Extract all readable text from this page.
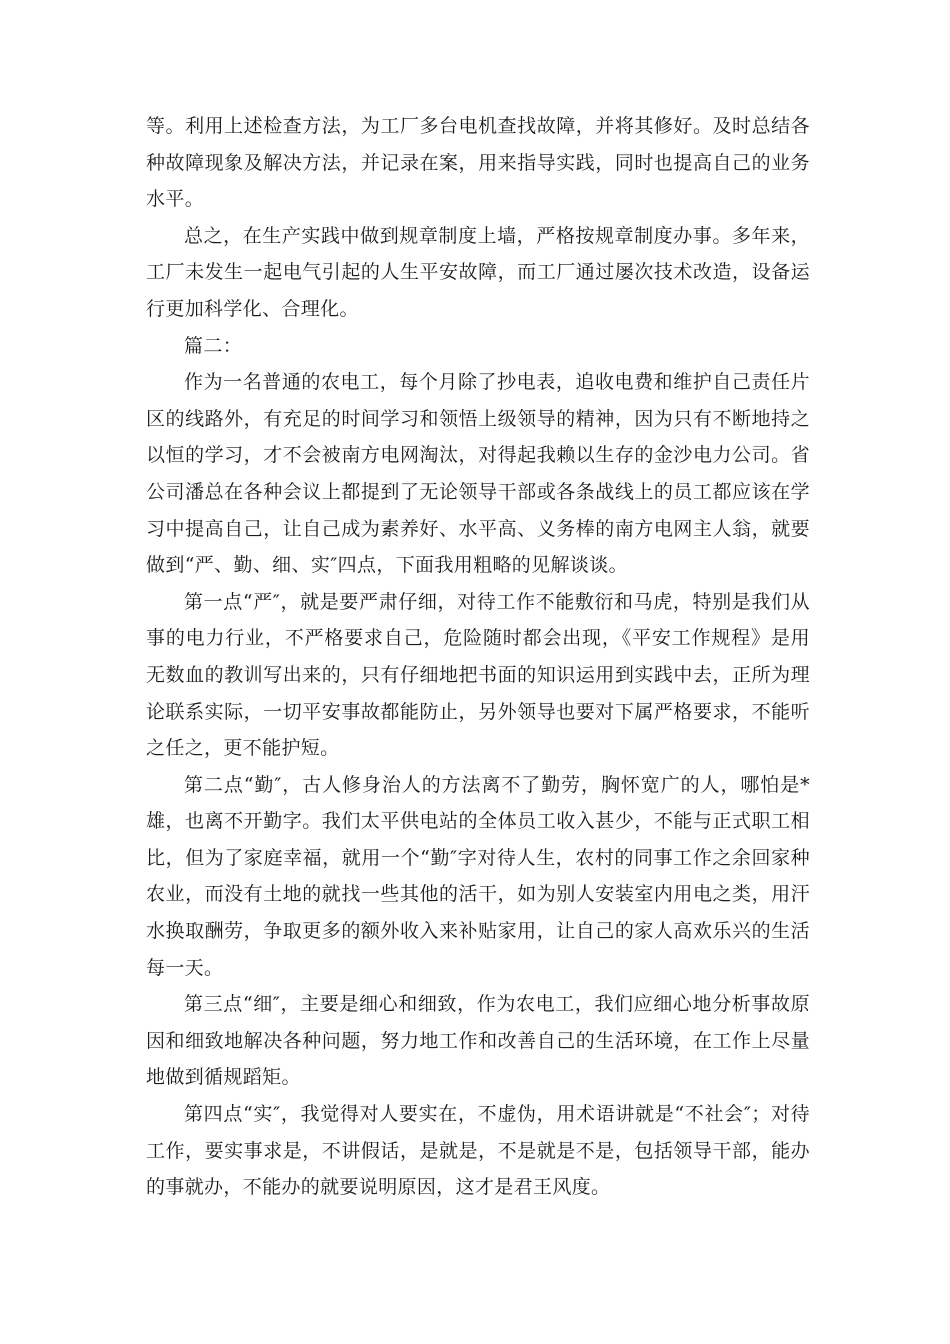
等。利用上述检查方法，为工厂多台电机查找故障，并将其修好。及时总结各种故障现象及解决方法，并记录在案，用来指导实践，同时也提高自己的业务水平。

总之，在生产实践中做到规章制度上墙，严格按规章制度办事。多年来，工厂未发生一起电气引起的人生平安故障，而工厂通过屡次技术改造，设备运行更加科学化、合理化。

篇二：

作为一名普通的农电工，每个月除了抄电表，追收电费和维护自己责任片区的线路外，有充足的时间学习和领悟上级领导的精神，因为只有不断地持之以恒的学习，才不会被南方电网淘汰，对得起我赖以生存的金沙电力公司。省公司潘总在各种会议上都提到了无论领导干部或各条战线上的员工都应该在学习中提高自己，让自己成为素养好、水平高、义务棒的南方电网主人翁，就要做到“严、勤、细、实″四点，下面我用粗略的见解谈谈。

第一点“严″，就是要严肃仔细，对待工作不能敷衍和马虎，特别是我们从事的电力行业，不严格要求自己，危险随时都会出现，《平安工作规程》是用无数血的教训写出来的，只有仔细地把书面的知识运用到实践中去，正所为理论联系实际，一切平安事故都能防止，另外领导也要对下属严格要求，不能听之任之，更不能护短。

第二点“勤″，古人修身治人的方法离不了勤劳，胸怀宽广的人，哪怕是*雄，也离不开勤字。我们太平供电站的全体员工收入甚少，不能与正式职工相比，但为了家庭幸福，就用一个“勤″字对待人生，农村的同事工作之余回家种农业，而没有土地的就找一些其他的活干，如为别人安装室内用电之类，用汗水换取酬劳，争取更多的额外收入来补贴家用，让自己的家人高欢乐兴的生活每一天。

第三点“细″，主要是细心和细致，作为农电工，我们应细心地分析事故原因和细致地解决各种问题，努力地工作和改善自己的生活环境，在工作上尽量地做到循规蹈矩。

第四点“实″，我觉得对人要实在，不虚伪，用术语讲就是“不社会″；对待工作，要实事求是，不讲假话，是就是，不是就是不是，包括领导干部，能办的事就办，不能办的就要说明原因，这才是君王风度。
